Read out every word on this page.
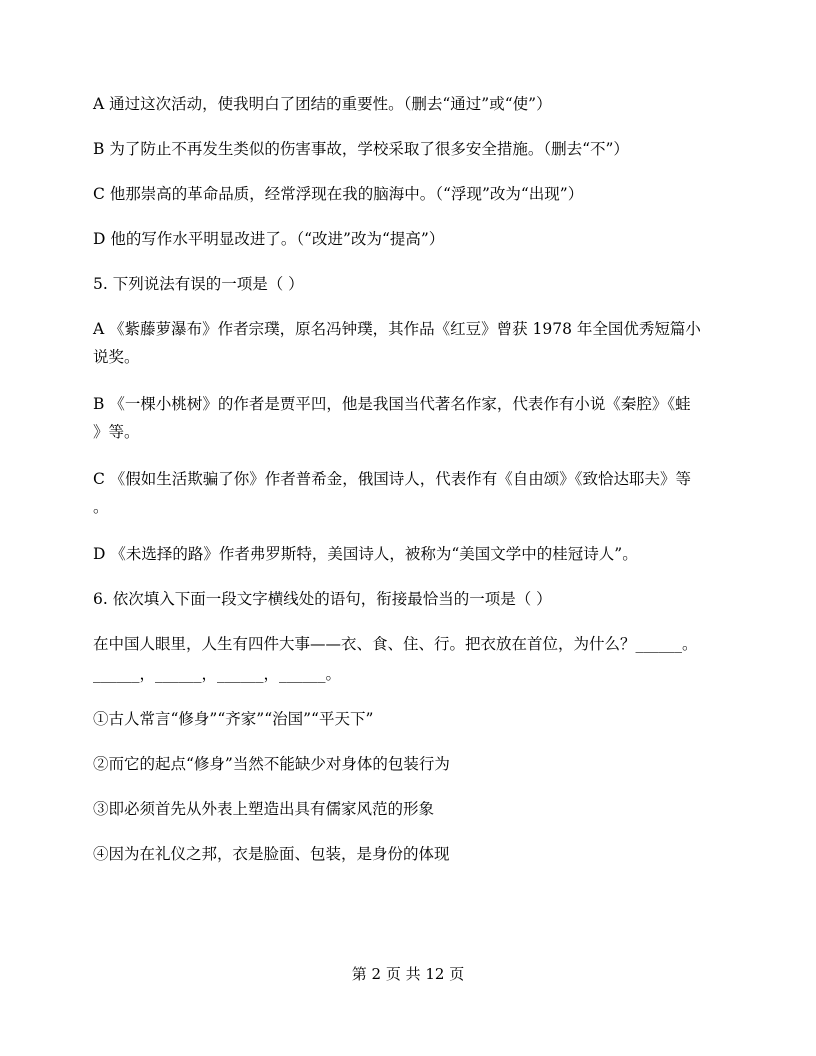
A 通过这次活动，使我明白了团结的重要性。（删去“通过”或“使”）
B 为了防止不再发生类似的伤害事故，学校采取了很多安全措施。（删去“不”）
C 他那崇高的革命品质，经常浮现在我的脑海中。（“浮现”改为“出现”）
D 他的写作水平明显改进了。（“改进”改为“提高”）
5. 下列说法有误的一项是（ ）
A 《紫藤萝瀑布》作者宗璞，原名冯钟璞，其作品《红豆》曾获 1978 年全国优秀短篇小
说奖。
B 《一棵小桃树》的作者是贾平凹，他是我国当代著名作家，代表作有小说《秦腔》《蛙
》等。
C 《假如生活欺骗了你》作者普希金，俄国诗人，代表作有《自由颂》《致恰达耶夫》等
。
D 《未选择的路》作者弗罗斯特，美国诗人，被称为“美国文学中的桂冠诗人”。
6. 依次填入下面一段文字横线处的语句，衔接最恰当的一项是（ ）
在中国人眼里，人生有四件大事——衣、食、住、行。把衣放在首位，为什么？______。
______，______，______，______。
①古人常言“修身”“齐家”“治国”“平天下”
②而它的起点“修身”当然不能缺少对身体的包装行为
③即必须首先从外表上塑造出具有儒家风范的形象
④因为在礼仪之邦，衣是脸面、包装，是身份的体现
第 2 页 共 12 页
